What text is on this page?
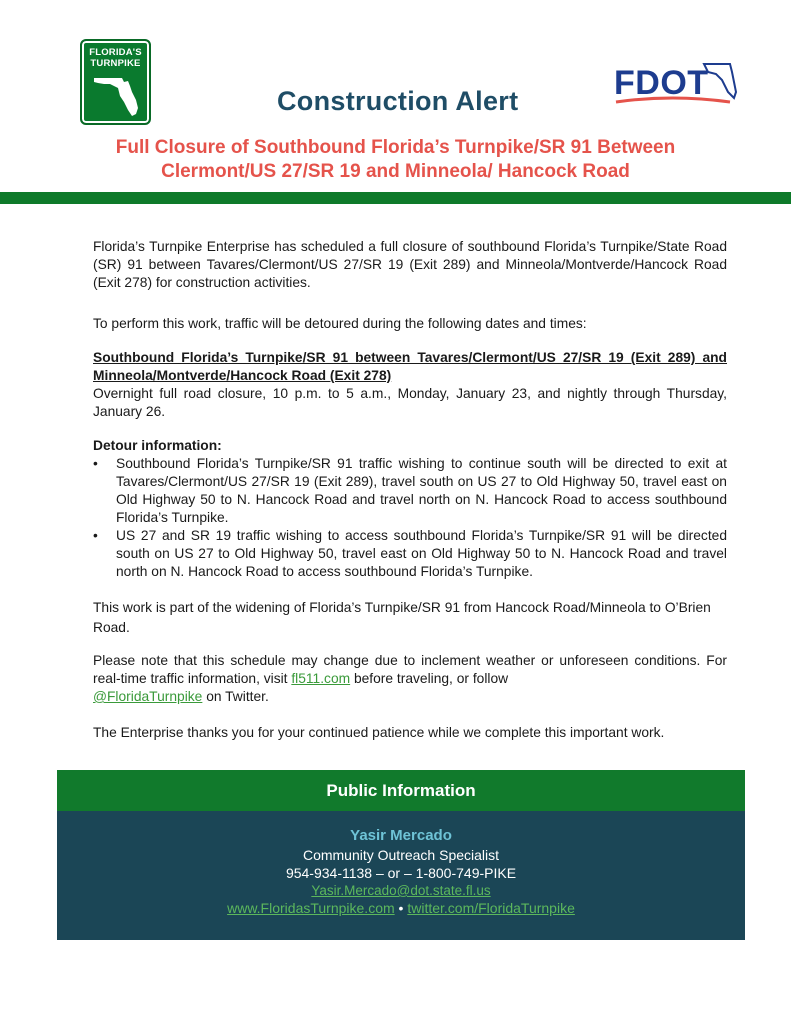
FLORIDA'S TURNPIKE
Construction Alert	FDOT
Full Closure of Southbound Florida’s Turnpike/SR 91 Between
Clermont/US 27/SR 19 and Minneola/ Hancock Road

Florida’s Turnpike Enterprise has scheduled a full closure of southbound Florida’s Turnpike/State Road (SR) 91 between Tavares/Clermont/US 27/SR 19 (Exit 289) and Minneola/Montverde/Hancock Road (Exit 278) for construction activities.

To perform this work, traffic will be detoured during the following dates and times:

Southbound Florida’s Turnpike/SR 91 between Tavares/Clermont/US 27/SR 19 (Exit 289) and Minneola/Montverde/Hancock Road (Exit 278)
Overnight full road closure, 10 p.m. to 5 a.m., Monday, January 23, and nightly through Thursday, January 26.
Detour information:
• Southbound Florida’s Turnpike/SR 91 traffic wishing to continue south will be directed to exit at Tavares/Clermont/US 27/SR 19 (Exit 289), travel south on US 27 to Old Highway 50, travel east on Old Highway 50 to N. Hancock Road and travel north on N. Hancock Road to access southbound Florida’s Turnpike.
• US 27 and SR 19 traffic wishing to access southbound Florida’s Turnpike/SR 91 will be directed south on US 27 to Old Highway 50, travel east on Old Highway 50 to N. Hancock Road and travel north on N. Hancock Road to access southbound Florida’s Turnpike.

This work is part of the widening of Florida’s Turnpike/SR 91 from Hancock Road/Minneola to O’Brien Road.

Please note that this schedule may change due to inclement weather or unforeseen conditions. For real-time traffic information, visit fl511.com before traveling, or follow
@FloridaTurnpike on Twitter.

The Enterprise thanks you for your continued patience while we complete this important work.

Public Information
Yasir Mercado
Community Outreach Specialist
954-934-1138 – or – 1-800-749-PIKE
Yasir.Mercado@dot.state.fl.us
www.FloridasTurnpike.com • twitter.com/FloridaTurnpike
